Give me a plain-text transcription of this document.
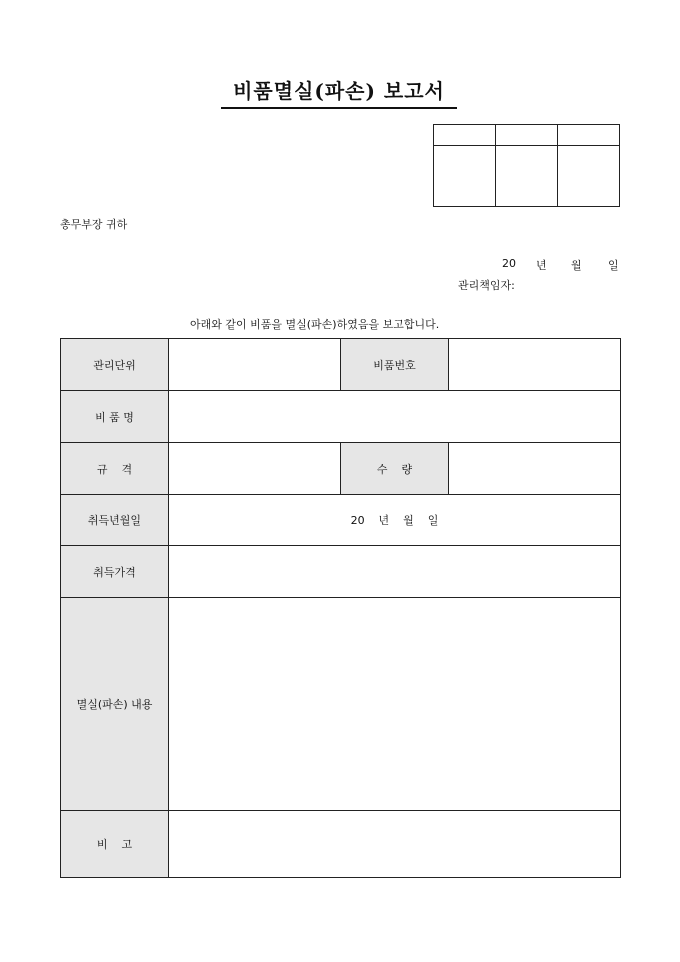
비품멸실(파손) 보고서

총무부장 귀하
20 년 월 일
관리책임자:
아래와 같이 비품을 멸실(파손)하였음을 보고합니다.
관리단위		비품번호	
비 품 명			
규    격		수    량	
취득년월일	20    년    월    일		
취득가격			
멸실(파손) 내용			
비    고			
